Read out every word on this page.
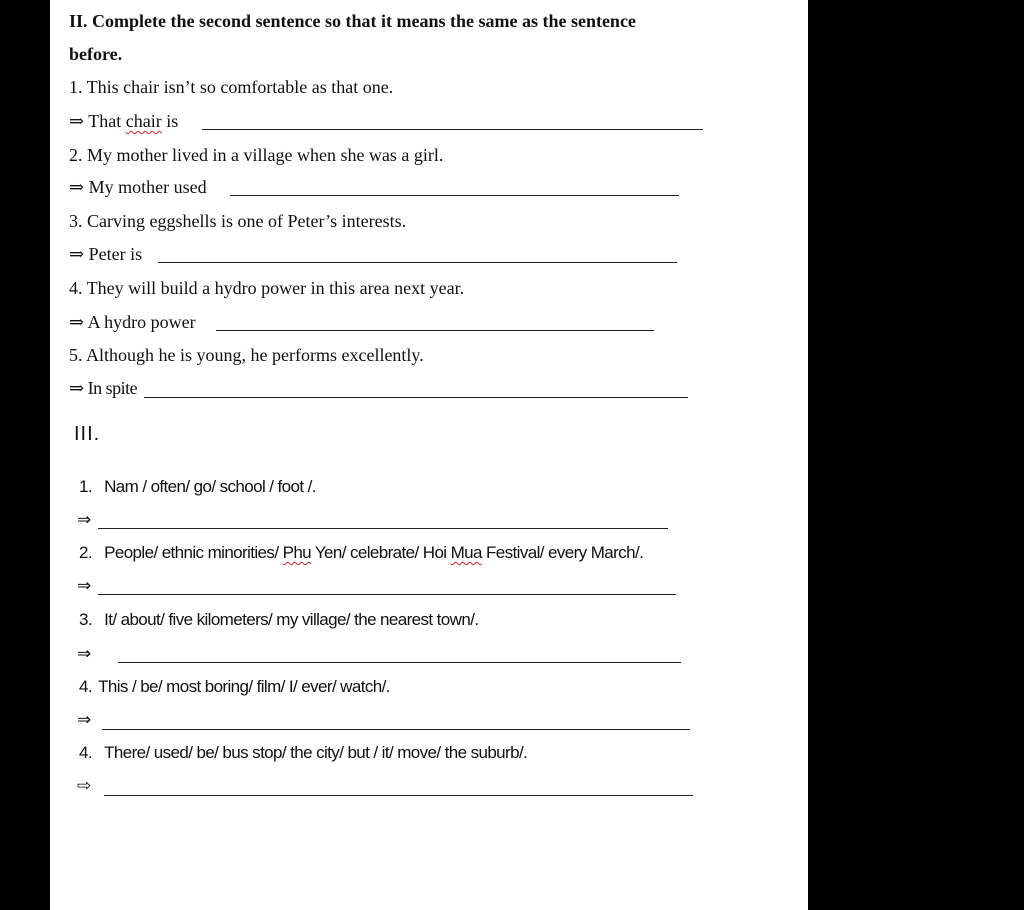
II. Complete the second sentence so that it means the same as the sentence
before.
1. This chair isn’t so comfortable as that one.
⇒ That chair is
2. My mother lived in a village when she was a girl.
⇒ My mother used
3. Carving eggshells is one of Peter’s interests.
⇒ Peter is
4. They will build a hydro power in this area next year.
⇒ A hydro power
5. Although he is young, he performs excellently.
⇒ In spite
III.
1. Nam / often/ go/ school / foot /.
⇒
2. People/ ethnic minorities/ Phu Yen/ celebrate/ Hoi Mua Festival/ every March/.
⇒
3. It/ about/ five kilometers/ my village/ the nearest town/.
⇒
4. This / be/ most boring/ film/ I/ ever/ watch/.
⇒
4. There/ used/ be/ bus stop/ the city/ but / it/ move/ the suburb/.
⇨
